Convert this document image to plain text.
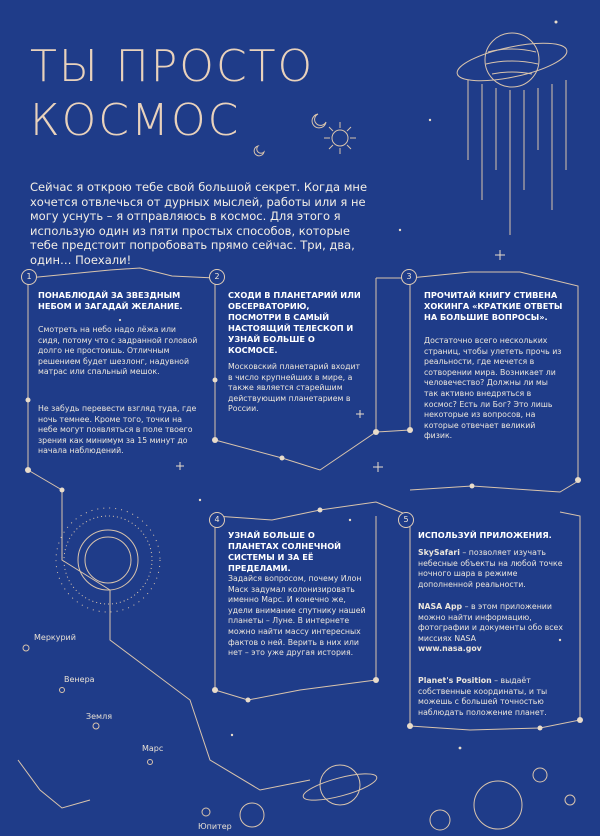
ТЫ ПРОСТО
КОСМОС

Сейчас я открою тебе свой большой секрет. Когда мне хочется отвлечься от дурных мыслей, работы или я не могу уснуть – я отправляюсь в космос. Для этого я использую один из пяти простых способов, которые тебе предстоит попробовать прямо сейчас. Три, два, один… Поехали!

1

ПОНАБЛЮДАЙ ЗА ЗВЕЗДНЫМ НЕБОМ И ЗАГАДАЙ ЖЕЛАНИЕ.

Смотреть на небо надо лёжа или сидя, потому что с задранной головой долго не простоишь. Отличным решением будет шезлонг, надувной матрас или спальный мешок.

Не забудь перевести взгляд туда, где ночь темнее. Кроме того, точки на небе могут появляться в поле твоего зрения как минимум за 15 минут до начала наблюдений.

2

СХОДИ В ПЛАНЕТАРИЙ ИЛИ ОБСЕРВАТОРИЮ, ПОСМОТРИ В САМЫЙ НАСТОЯЩИЙ ТЕЛЕСКОП И УЗНАЙ БОЛЬШЕ О КОСМОСЕ.

Московский планетарий входит в число крупнейших в мире, а также является старейшим действующим планетарием в России.

3

ПРОЧИТАЙ КНИГУ СТИВЕНА ХОКИНГА «КРАТКИЕ ОТВЕТЫ НА БОЛЬШИЕ ВОПРОСЫ».

Достаточно всего нескольких страниц, чтобы улететь прочь из реальности, где мечется в сотворении мира. Возникает ли человечество? Должны ли мы так активно внедряться в космос? Есть ли Бог? Это лишь некоторые из вопросов, на которые отвечает великий физик.

4

УЗНАЙ БОЛЬШЕ О ПЛАНЕТАХ СОЛНЕЧНОЙ СИСТЕМЫ И ЗА ЕЁ ПРЕДЕЛАМИ.

Задайся вопросом, почему Илон Маск задумал колонизировать именно Марс. И конечно же, удели внимание спутнику нашей планеты – Луне. В интернете можно найти массу интересных фактов о ней. Верить в них или нет – это уже другая история.

5

ИСПОЛЬЗУЙ ПРИЛОЖЕНИЯ.

SkySafari – позволяет изучать небесные объекты на любой точке ночного шара в режиме дополненной реальности.

NASA App – в этом приложении можно найти информацию, фотографии и документы обо всех миссиях NASA
www.nasa.gov

Planet's Position – выдаёт собственные координаты, и ты можешь с большей точностью наблюдать положение планет.

Меркурий
Венера
Земля
Марс
Юпитер
